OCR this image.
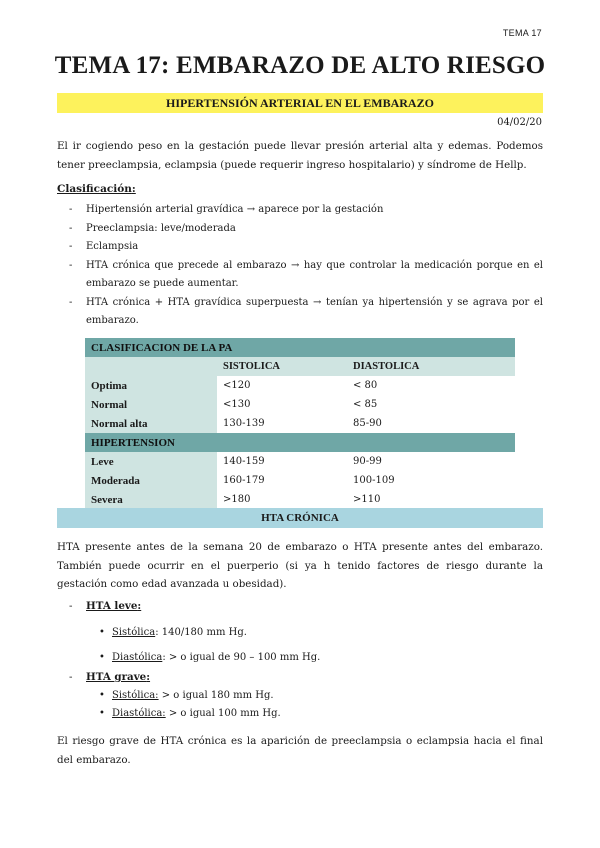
TEMA 17
TEMA 17: EMBARAZO DE ALTO RIESGO
HIPERTENSIÓN ARTERIAL EN EL EMBARAZO
04/02/20
El ir cogiendo peso en la gestación puede llevar presión arterial alta y edemas. Podemos tener preeclampsia, eclampsia (puede requerir ingreso hospitalario) y síndrome de Hellp.
Clasificación:
- Hipertensión arterial gravídica → aparece por la gestación
- Preeclampsia: leve/moderada
- Eclampsia
- HTA crónica que precede al embarazo → hay que controlar la medicación porque en el embarazo se puede aumentar.
- HTA crónica + HTA gravídica superpuesta → tenían ya hipertensión y se agrava por el embarazo.
CLASIFICACION DE LA PA		
	SISTOLICA	DIASTOLICA
Optima	<120	< 80
Normal	<130	< 85
Normal alta	130-139	85-90
HIPERTENSION		
Leve	140-159	90-99
Moderada	160-179	100-109
Severa	>180	>110
HTA CRÓNICA
HTA presente antes de la semana 20 de embarazo o HTA presente antes del embarazo. También puede ocurrir en el puerperio (si ya h tenido factores de riesgo durante la gestación como edad avanzada u obesidad).
- HTA leve:
• Sistólica: 140/180 mm Hg.
• Diastólica: > o igual de 90 – 100 mm Hg.
- HTA grave:
• Sistólica: > o igual 180 mm Hg.
• Diastólica: > o igual 100 mm Hg.
El riesgo grave de HTA crónica es la aparición de preeclampsia o eclampsia hacia el final del embarazo.
